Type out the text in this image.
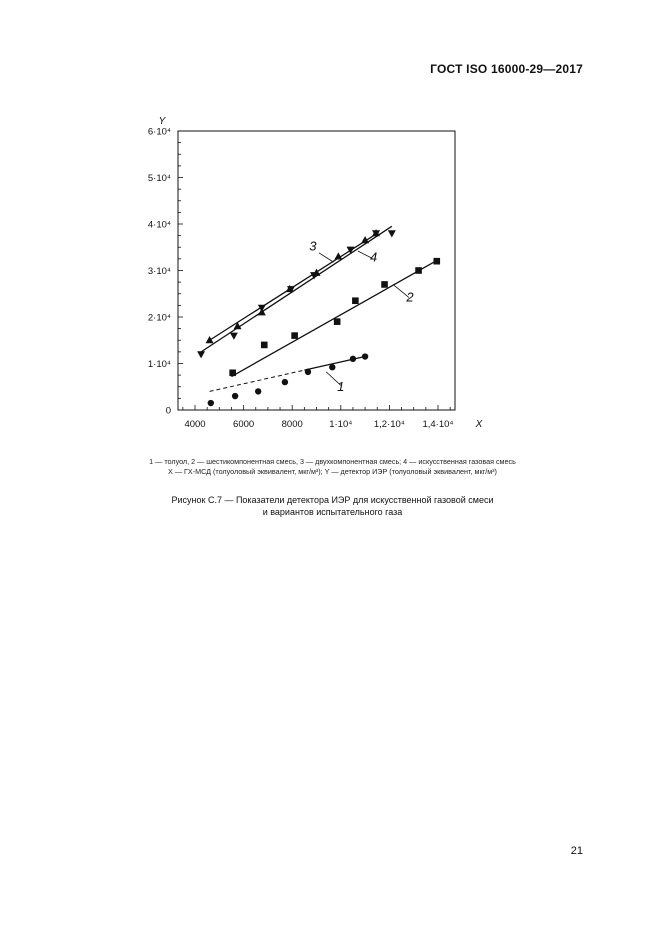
ГОСТ ISO 16000-29—2017
0
1·10⁴
2·10⁴
3·10⁴
4·10⁴
5·10⁴
6·10⁴
4000	6000	8000	1·10⁴ 1,2·10⁴ 1,4·10⁴
Y
X
3
4
2
1
1 — толуол, 2 — шестикомпонентная смесь, 3 — двухкомпонентная смесь; 4 — искусственная газовая смесь
X — ГХ-МСД (толуоловый эквивалент, мкг/м³); Y — детектор ИЭР (толуоловый эквивалент, мкг/м³)
Рисунок С.7 — Показатели детектора ИЭР для искусственной газовой смеси
и вариантов испытательного газа
21
